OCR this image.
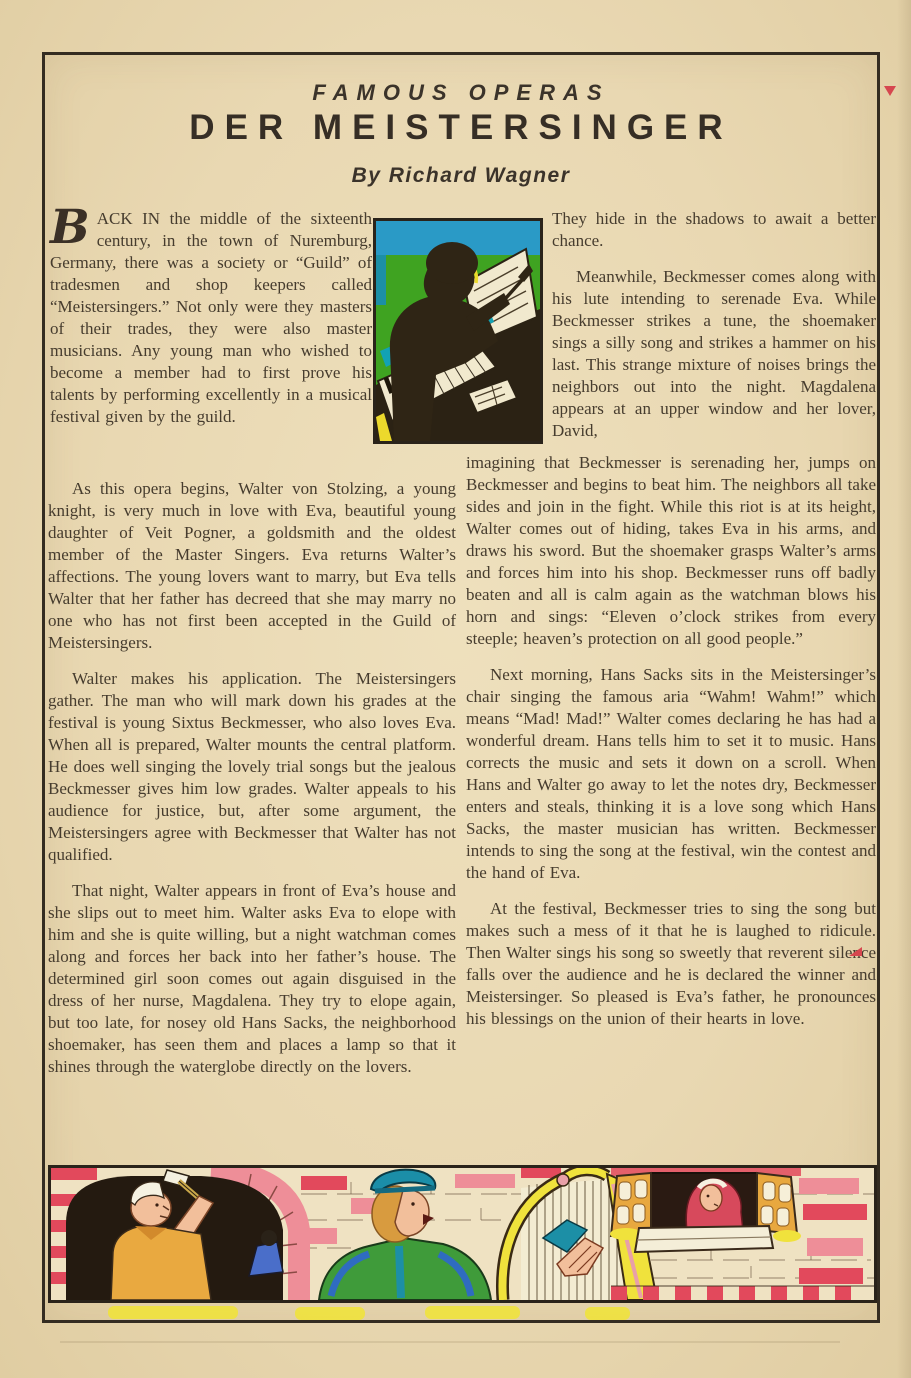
FAMOUS OPERAS
DER MEISTERSINGER
By Richard Wagner

BACK IN the middle of the sixteenth century, in the town of Nuremburg, Germany, there was a society or “Guild” of tradesmen and shop keepers called “Meistersingers.” Not only were they masters of their trades, they were also master musicians. Any young man who wished to become a member had to first prove his talents by performing excellently in a musical festival given by the guild.

They hide in the shadows to await a better chance.

Meanwhile, Beckmesser comes along with his lute intending to serenade Eva. While Beckmesser strikes a tune, the shoemaker sings a silly song and strikes a hammer on his last. This strange mixture of noises brings the neighbors out into the night. Magdalena appears at an upper window and her lover, David,

imagining that Beckmesser is serenading her, jumps on Beckmesser and begins to beat him. The neighbors all take sides and join in the fight. While this riot is at its height, Walter comes out of hiding, takes Eva in his arms, and draws his sword. But the shoemaker grasps Walter’s arms and forces him into his shop. Beckmesser runs off badly beaten and all is calm again as the watchman blows his horn and sings: “Eleven o’clock strikes from every steeple; heaven’s protection on all good people.”

Next morning, Hans Sacks sits in the Meistersinger’s chair singing the famous aria “Wahm! Wahm!” which means “Mad! Mad!” Walter comes declaring he has had a wonderful dream. Hans tells him to set it to music. Hans corrects the music and sets it down on a scroll. When Hans and Walter go away to let the notes dry, Beckmesser enters and steals, thinking it is a love song which Hans Sacks, the master musician has written. Beckmesser intends to sing the song at the festival, win the contest and the hand of Eva.

At the festival, Beckmesser tries to sing the song but makes such a mess of it that he is laughed to ridicule. Then Walter sings his song so sweetly that reverent silence falls over the audience and he is declared the winner and Meistersinger. So pleased is Eva’s father, he pronounces his blessings on the union of their hearts in love.

As this opera begins, Walter von Stolzing, a young knight, is very much in love with Eva, beautiful young daughter of Veit Pogner, a goldsmith and the oldest member of the Master Singers. Eva returns Walter’s affections. The young lovers want to marry, but Eva tells Walter that her father has decreed that she may marry no one who has not first been accepted in the Guild of Meistersingers.

Walter makes his application. The Meistersingers gather. The man who will mark down his grades at the festival is young Sixtus Beckmesser, who also loves Eva. When all is prepared, Walter mounts the central platform. He does well singing the lovely trial songs but the jealous Beckmesser gives him low grades. Walter appeals to his audience for justice, but, after some argument, the Meistersingers agree with Beckmesser that Walter has not qualified.

That night, Walter appears in front of Eva’s house and she slips out to meet him. Walter asks Eva to elope with him and she is quite willing, but a night watchman comes along and forces her back into her father’s house. The determined girl soon comes out again disguised in the dress of her nurse, Magdalena. They try to elope again, but too late, for nosey old Hans Sacks, the neighborhood shoemaker, has seen them and places a lamp so that it shines through the waterglobe directly on the lovers.
